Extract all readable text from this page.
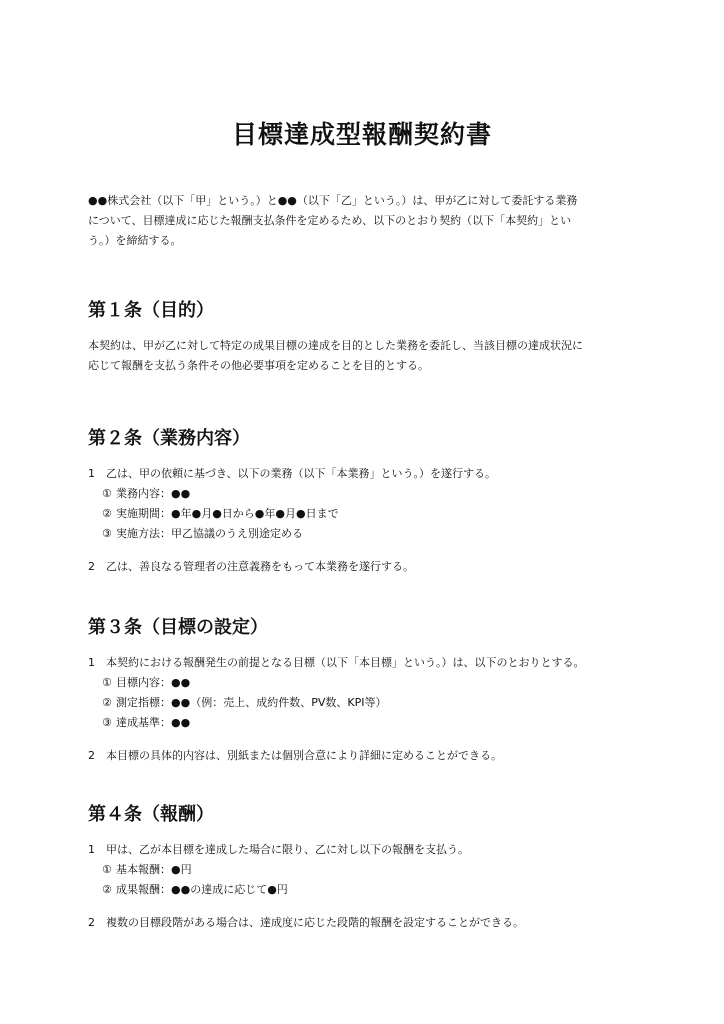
目標達成型報酬契約書
●●株式会社（以下「甲」という。）と●●（以下「乙」という。）は、甲が乙に対して委託する業務
について、目標達成に応じた報酬支払条件を定めるため、以下のとおり契約（以下「本契約」とい
う。）を締結する。
第１条（目的）
本契約は、甲が乙に対して特定の成果目標の達成を目的とした業務を委託し、当該目標の達成状況に
応じて報酬を支払う条件その他必要事項を定めることを目的とする。
第２条（業務内容）
1 乙は、甲の依頼に基づき、以下の業務（以下「本業務」という。）を遂行する。
① 業務内容：●●
② 実施期間：●年●月●日から●年●月●日まで
③ 実施方法：甲乙協議のうえ別途定める
2 乙は、善良なる管理者の注意義務をもって本業務を遂行する。
第３条（目標の設定）
1 本契約における報酬発生の前提となる目標（以下「本目標」という。）は、以下のとおりとする。
① 目標内容：●●
② 測定指標：●●（例：売上、成約件数、PV数、KPI等）
③ 達成基準：●●
2 本目標の具体的内容は、別紙または個別合意により詳細に定めることができる。
第４条（報酬）
1 甲は、乙が本目標を達成した場合に限り、乙に対し以下の報酬を支払う。
① 基本報酬：●円
② 成果報酬：●●の達成に応じて●円
2 複数の目標段階がある場合は、達成度に応じた段階的報酬を設定することができる。
